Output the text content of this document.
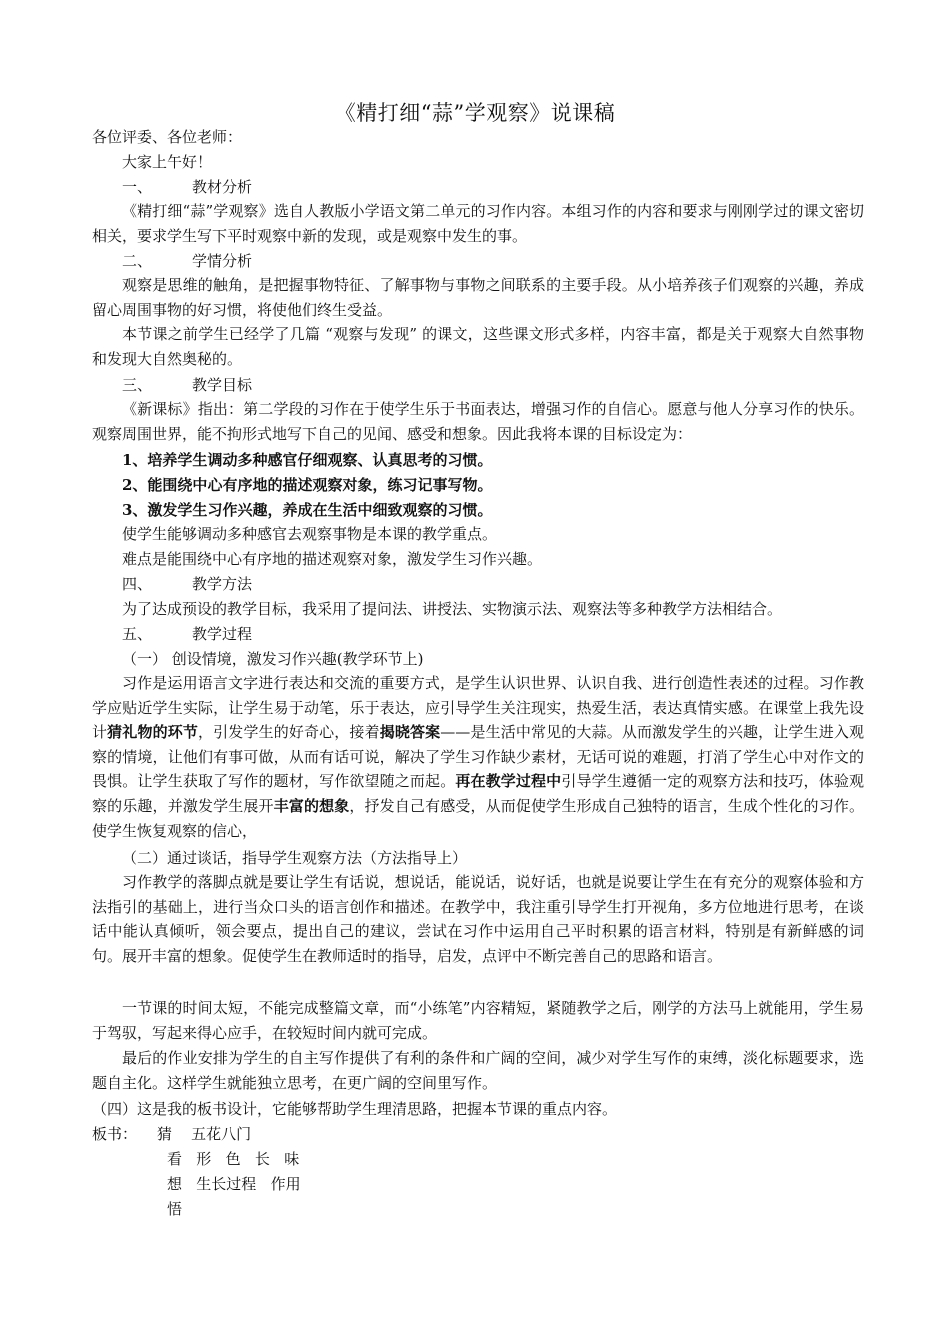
《精打细“蒜”学观察》说课稿
各位评委、各位老师：
大家上午好！
一、	教材分析
《精打细“蒜”学观察》选自人教版小学语文第二单元的习作内容。本组习作的内容和要求与刚刚学过的课文密切相关，要求学生写下平时观察中新的发现，或是观察中发生的事。
二、	学情分析
观察是思维的触角，是把握事物特征、了解事物与事物之间联系的主要手段。从小培养孩子们观察的兴趣，养成留心周围事物的好习惯，将使他们终生受益。
本节课之前学生已经学了几篇 “观察与发现” 的课文，这些课文形式多样，内容丰富，都是关于观察大自然事物和发现大自然奥秘的。
三、	教学目标
《新课标》指出：第二学段的习作在于使学生乐于书面表达，增强习作的自信心。愿意与他人分享习作的快乐。观察周围世界，能不拘形式地写下自己的见闻、感受和想象。因此我将本课的目标设定为：
1、培养学生调动多种感官仔细观察、认真思考的习惯。
2、能围绕中心有序地的描述观察对象，练习记事写物。
3、激发学生习作兴趣，养成在生活中细致观察的习惯。
使学生能够调动多种感官去观察事物是本课的教学重点。
难点是能围绕中心有序地的描述观察对象，激发学生习作兴趣。
四、	教学方法
为了达成预设的教学目标，我采用了提问法、讲授法、实物演示法、观察法等多种教学方法相结合。
五、	教学过程
（一） 创设情境，激发习作兴趣(教学环节上)
习作是运用语言文字进行表达和交流的重要方式，是学生认识世界、认识自我、进行创造性表述的过程。习作教学应贴近学生实际，让学生易于动笔，乐于表达，应引导学生关注现实，热爱生活，表达真情实感。在课堂上我先设计猜礼物的环节，引发学生的好奇心，接着揭晓答案——是生活中常见的大蒜。从而激发学生的兴趣，让学生进入观察的情境，让他们有事可做，从而有话可说，解决了学生习作缺少素材，无话可说的难题，打消了学生心中对作文的畏惧。让学生获取了写作的题材，写作欲望随之而起。再在教学过程中引导学生遵循一定的观察方法和技巧，体验观察的乐趣，并激发学生展开丰富的想象，抒发自己有感受，从而促使学生形成自己独特的语言，生成个性化的习作。使学生恢复观察的信心，
（二）通过谈话，指导学生观察方法（方法指导上）
习作教学的落脚点就是要让学生有话说，想说话，能说话，说好话，也就是说要让学生在有充分的观察体验和方法指引的基础上，进行当众口头的语言创作和描述。在教学中，我注重引导学生打开视角，多方位地进行思考，在谈话中能认真倾听，领会要点，提出自己的建议，尝试在习作中运用自己平时积累的语言材料，特别是有新鲜感的词句。展开丰富的想象。促使学生在教师适时的指导，启发，点评中不断完善自己的思路和语言。
一节课的时间太短，不能完成整篇文章，而“小练笔”内容精短，紧随教学之后，刚学的方法马上就能用，学生易于驾驭，写起来得心应手，在较短时间内就可完成。
最后的作业安排为学生的自主写作提供了有利的条件和广阔的空间，减少对学生写作的束缚，淡化标题要求，选题自主化。这样学生就能独立思考，在更广阔的空间里写作。
（四）这是我的板书设计，它能够帮助学生理清思路，把握本节课的重点内容。
板书： 猜    五花八门
看   形   色   长   味
想   生长过程   作用
悟
